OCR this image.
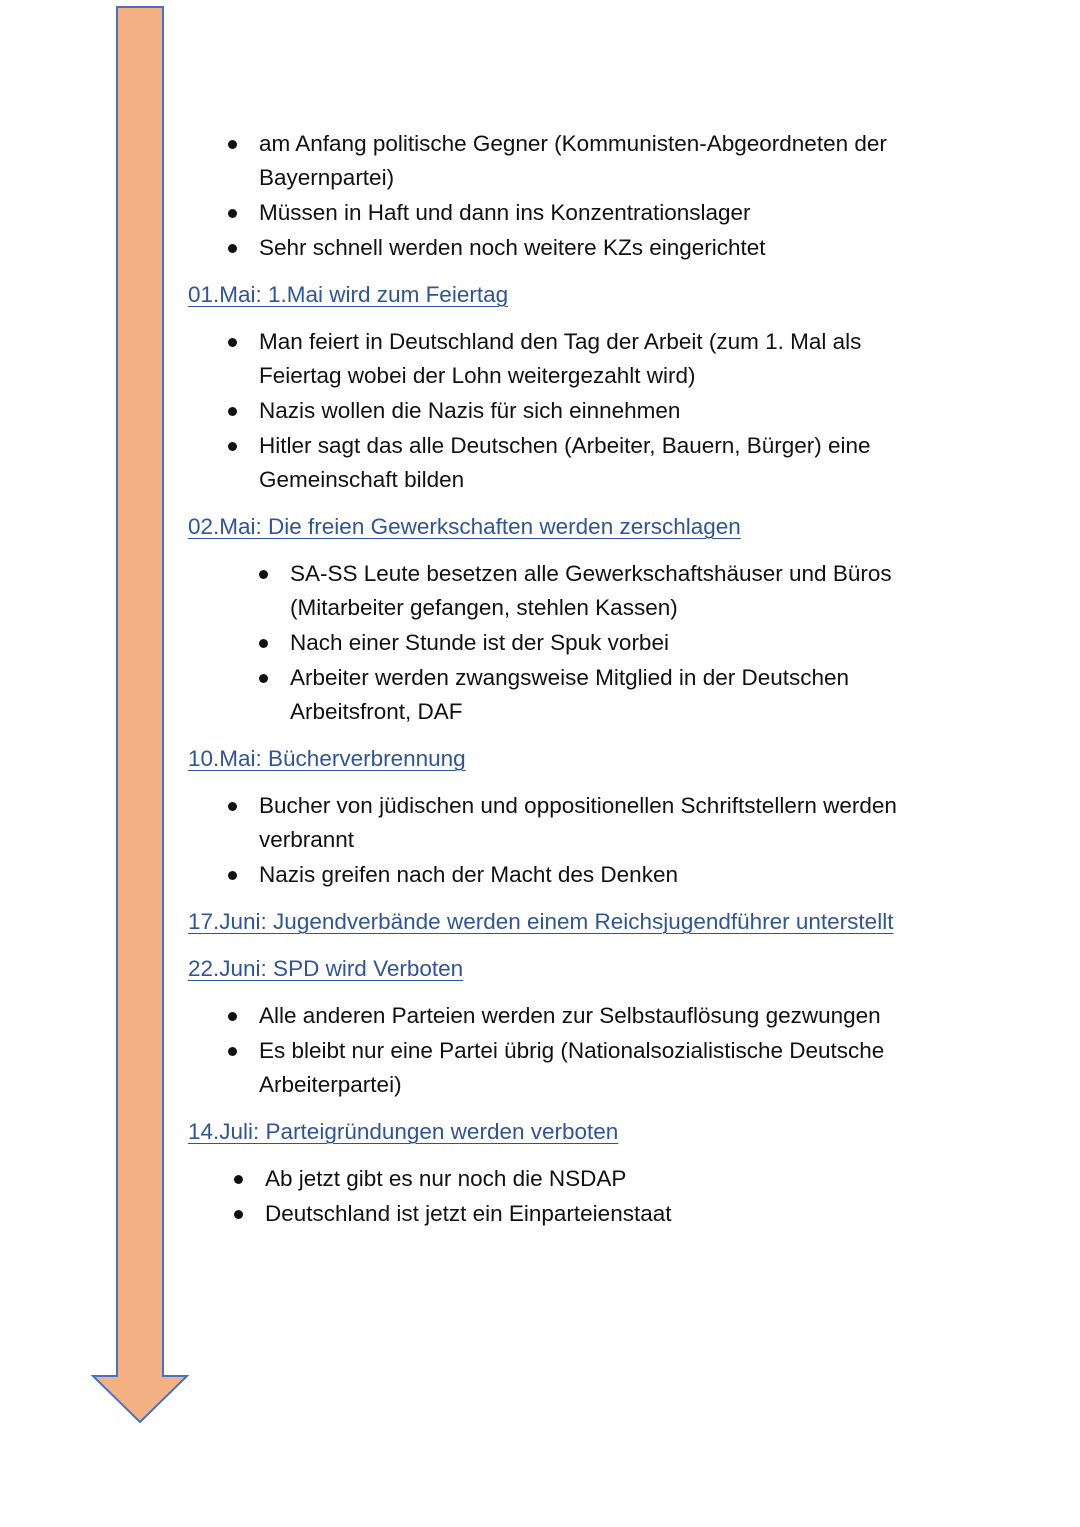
am Anfang politische Gegner (Kommunisten-Abgeordneten der Bayernpartei)
Müssen in Haft und dann ins Konzentrationslager
Sehr schnell werden noch weitere KZs eingerichtet
01.Mai: 1.Mai wird zum Feiertag
Man feiert in Deutschland den Tag der Arbeit (zum 1. Mal als Feiertag wobei der Lohn weitergezahlt wird)
Nazis wollen die Nazis für sich einnehmen
Hitler sagt das alle Deutschen (Arbeiter, Bauern, Bürger) eine Gemeinschaft bilden
02.Mai: Die freien Gewerkschaften werden zerschlagen
SA-SS Leute besetzen alle Gewerkschaftshäuser und Büros (Mitarbeiter gefangen, stehlen Kassen)
Nach einer Stunde ist der Spuk vorbei
Arbeiter werden zwangsweise Mitglied in der Deutschen Arbeitsfront, DAF
10.Mai: Bücherverbrennung
Bucher von jüdischen und oppositionellen Schriftstellern werden verbrannt
Nazis greifen nach der Macht des Denken
17.Juni: Jugendverbände werden einem Reichsjugendführer unterstellt
22.Juni: SPD wird Verboten
Alle anderen Parteien werden zur Selbstauflösung gezwungen
Es bleibt nur eine Partei übrig (Nationalsozialistische Deutsche Arbeiterpartei)
14.Juli: Parteigründungen werden verboten
Ab jetzt gibt es nur noch die NSDAP
Deutschland ist jetzt ein Einparteienstaat
